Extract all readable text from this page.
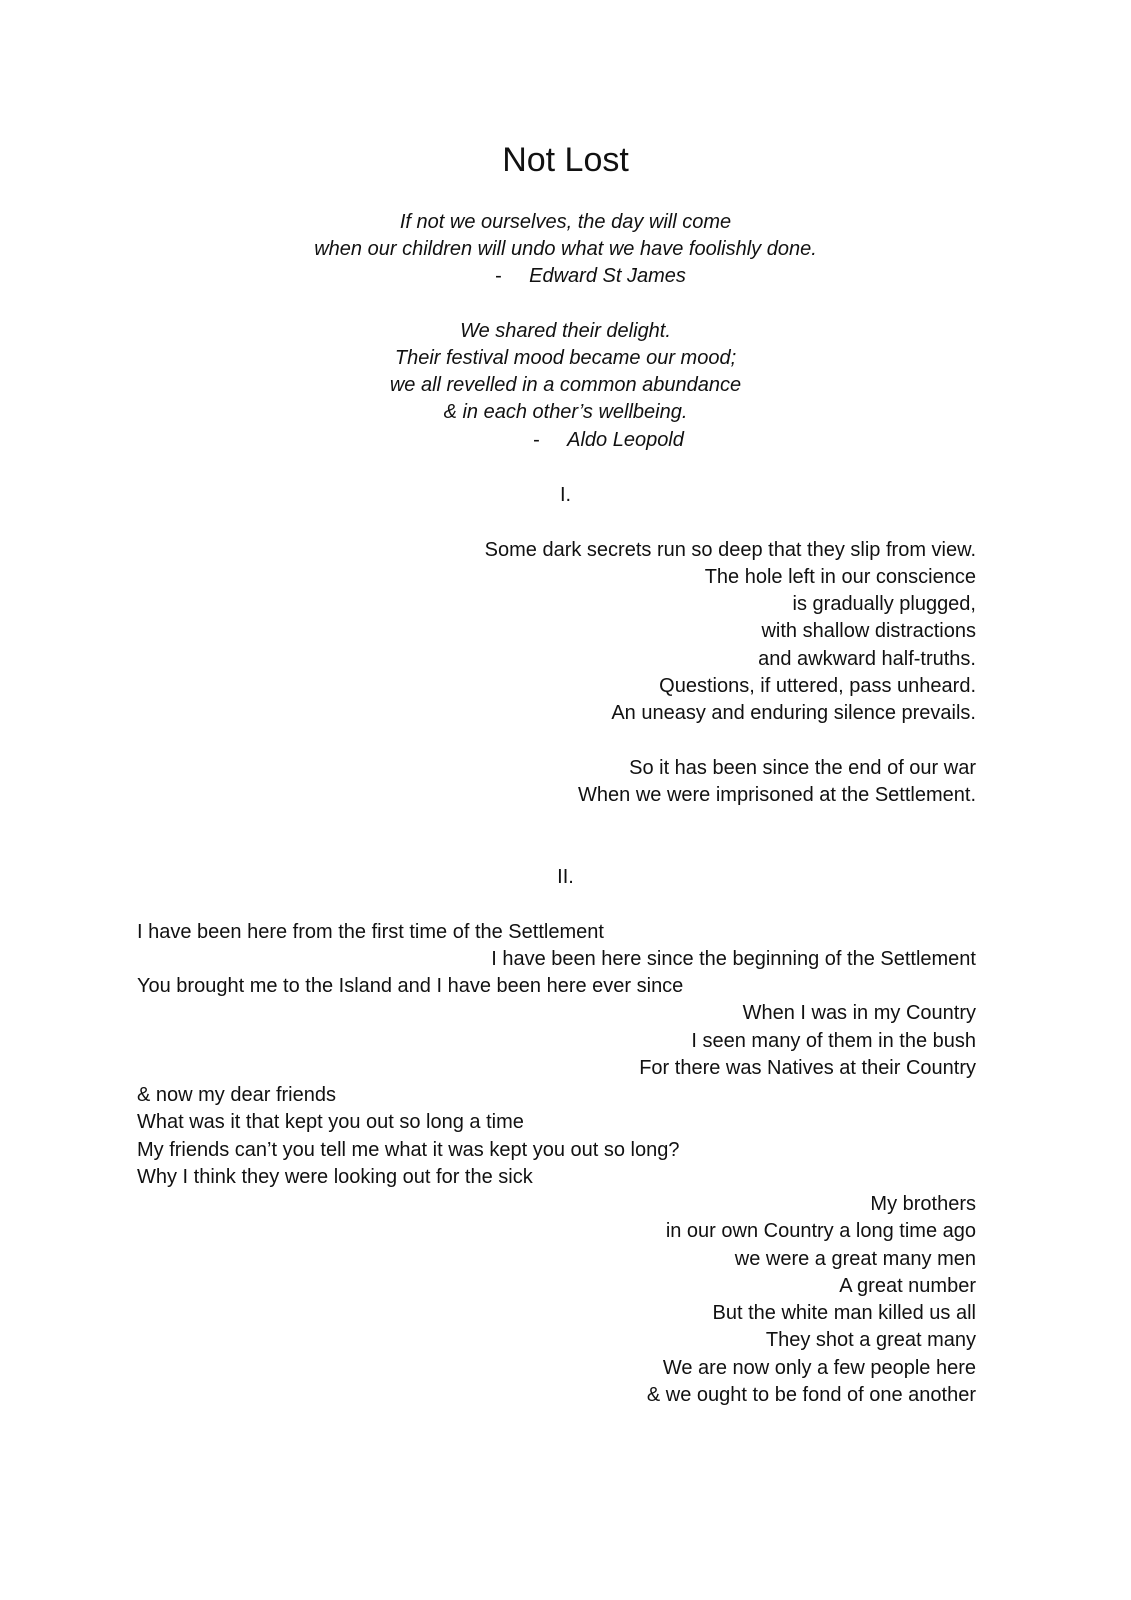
Not Lost

If not we ourselves, the day will come

when our children will undo what we have foolishly done.

- Edward St James

We shared their delight.

Their festival mood became our mood;

we all revelled in a common abundance

& in each other’s wellbeing.

- Aldo Leopold

I.

Some dark secrets run so deep that they slip from view.

The hole left in our conscience

is gradually plugged,

with shallow distractions

and awkward half-truths.

Questions, if uttered, pass unheard.

An uneasy and enduring silence prevails.

So it has been since the end of our war

When we were imprisoned at the Settlement.

II.

I have been here from the first time of the Settlement

I have been here since the beginning of the Settlement

You brought me to the Island and I have been here ever since

When I was in my Country

I seen many of them in the bush

For there was Natives at their Country

& now my dear friends

What was it that kept you out so long a time

My friends can’t you tell me what it was kept you out so long?

Why I think they were looking out for the sick

My brothers

in our own Country a long time ago

we were a great many men

A great number

But the white man killed us all

They shot a great many

We are now only a few people here

& we ought to be fond of one another
